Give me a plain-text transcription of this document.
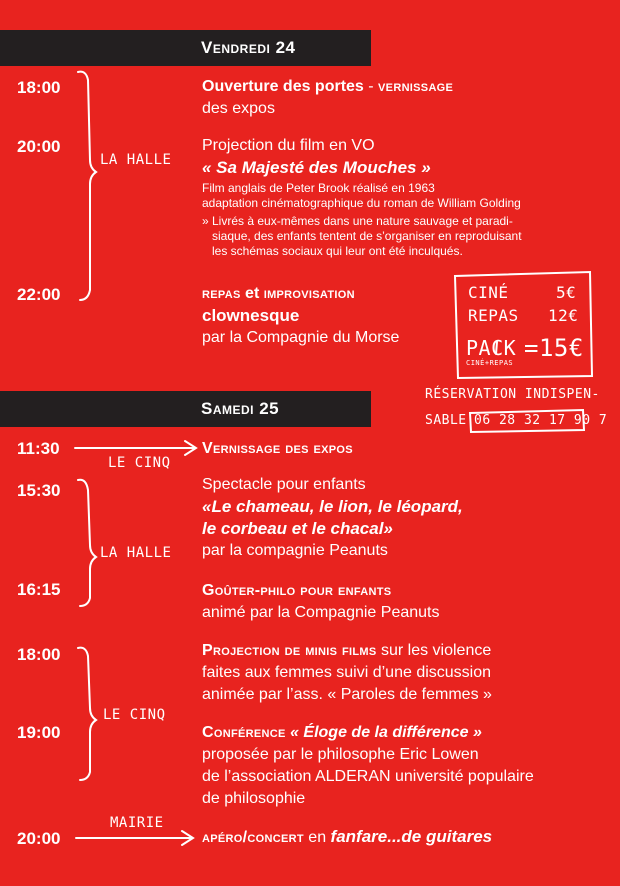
Vendredi 24
18:00
20:00
22:00
LA HALLE
Ouverture des portes - vernissage
des expos
Projection du film en VO
« Sa Majesté des Mouches »
Film anglais de Peter Brook réalisé en 1963
adaptation cinématographique du roman de William Golding
» Livrés à eux-mêmes dans une nature sauvage et paradi-
siaque, des enfants tentent de s’organiser en reproduisant
les schémas sociaux qui leur ont été inculqués.
repas et improvisation
clownesque
par la Compagnie du Morse
CINÉ	5€
REPAS 12€
PACK
CINÉ+REPAS
=15€
RÉSERVATION INDISPEN-
SABLE 06 28 32 17 90 7
Samedi 25
11:30
15:30
16:15
18:00
19:00
20:00
LE CINQ
LA HALLE
LE CINQ
MAIRIE
Vernissage des expos
Spectacle pour enfants
«Le chameau, le lion, le léopard,
le corbeau et le chacal»
par la compagnie Peanuts
Goûter-philo pour enfants
animé par la Compagnie Peanuts
Projection de minis films sur les violence
faites aux femmes suivi d’une discussion
animée par l’ass. « Paroles de femmes »
Conférence « Éloge de la différence »
proposée par le philosophe Eric Lowen
de l’association ALDERAN université populaire
de philosophie
apéro/concert en fanfare...de guitares
